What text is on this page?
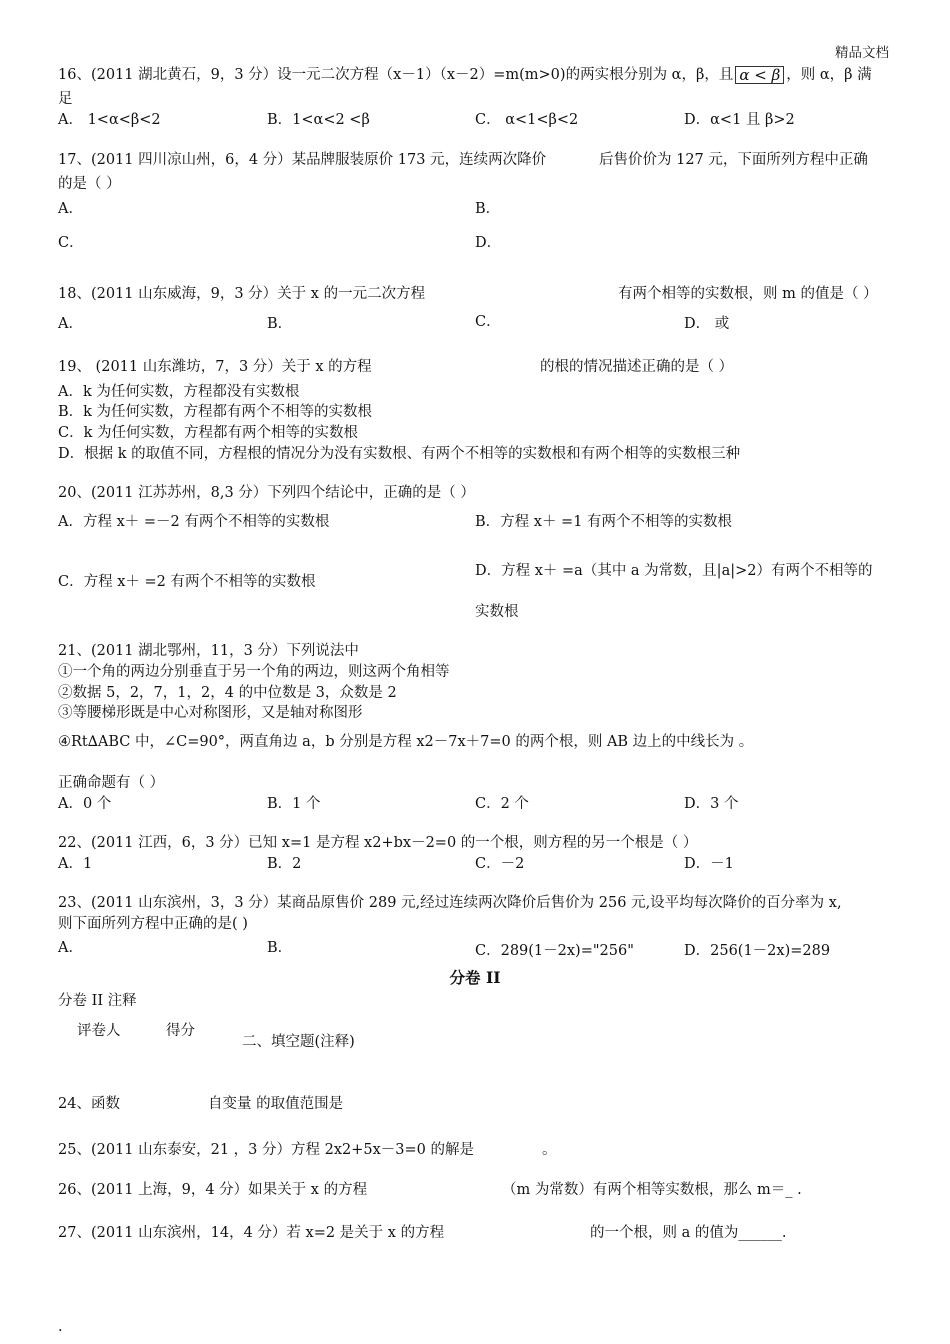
精品文档
16、(2011 湖北黄石，9，3 分）设一元二次方程（x－1）（x－2）=m(m>0)的两实根分别为 α，β，且 α < β ，则 α，β 满
足
A． 1<α<β<2	B．1<α<2 <β	C． α<1<β<2	D．α<1 且 β>2
17、(2011 四川凉山州，6，4 分）某品牌服装原价 173 元，连续两次降价	后售价价为 127 元，下面所列方程中正确
的是（ ）
A．	B．
C．	D．
18、(2011 山东威海，9，3 分）关于 x 的一元二次方程	有两个相等的实数根，则 m 的值是（ ）
A．	B．	C．	D． 或
19、 (2011 山东潍坊，7，3 分）关于 x 的方程	的根的情况描述正确的是（ ）
A．k 为任何实数，方程都没有实数根
B．k 为任何实数，方程都有两个不相等的实数根
C．k 为任何实数，方程都有两个相等的实数根
D．根据 k 的取值不同，方程根的情况分为没有实数根、有两个不相等的实数根和有两个相等的实数根三种
20、(2011 江苏苏州，8,3 分）下列四个结论中，正确的是（ ）
A．方程 x＋ =－2 有两个不相等的实数根	B．方程 x＋ =1 有两个不相等的实数根
D．方程 x＋ =a（其中 a 为常数，且|a|>2）有两个不相等的
C．方程 x＋ =2 有两个不相等的实数根
实数根
21、(2011 湖北鄂州，11，3 分）下列说法中
①一个角的两边分别垂直于另一个角的两边，则这两个角相等
②数据 5，2，7，1，2，4 的中位数是 3，众数是 2
③等腰梯形既是中心对称图形，又是轴对称图形
④Rt∆ABC 中，∠C=90°，两直角边 a，b 分别是方程 x2－7x＋7=0 的两个根，则 AB 边上的中线长为 。
正确命题有（ ）
A．0 个	B．1 个	C．2 个	D．3 个
22、(2011 江西，6，3 分）已知 x=1 是方程 x2+bx－2=0 的一个根，则方程的另一个根是（ ）
A．1	B．2	C．－2	D．－1
23、(2011 山东滨州，3，3 分）某商品原售价 289 元,经过连续两次降价后售价为 256 元,设平均每次降价的百分率为 x,
则下面所列方程中正确的是( )
A．	B．	C．289(1－2x)="256"	D．256(1－2x)=289
分卷 II
分卷 II 注释
评卷人	得分
二、填空题(注释)
24、函数	自变量 的取值范围是
25、(2011 山东泰安，21 ，3 分）方程 2x2+5x－3=0 的解是	。
26、(2011 上海，9，4 分）如果关于 x 的方程	（m 为常数）有两个相等实数根，那么 m＝_ .
27、(2011 山东滨州，14，4 分）若 x=2 是关于 x 的方程	的一个根，则 a 的值为______.
.
